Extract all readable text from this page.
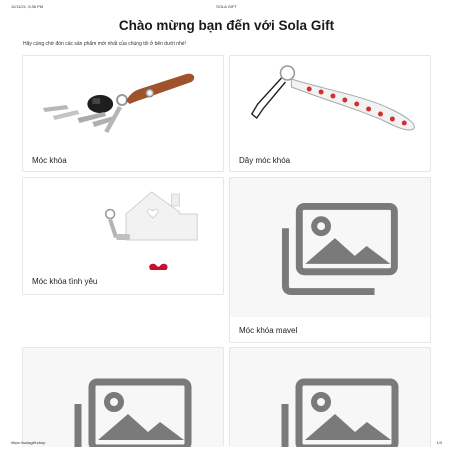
11/11/21, 5:36 PM	SOLA GIFT
Chào mừng bạn đến với Sola Gift

Hãy cùng chờ đón các sản phẩm mới nhất của chúng tôi ở bên dưới nhé!

Móc khóa	Dây móc khóa
Móc khóa tình yêu
Móc khóa mavel
https://solagift.shop	1/3
